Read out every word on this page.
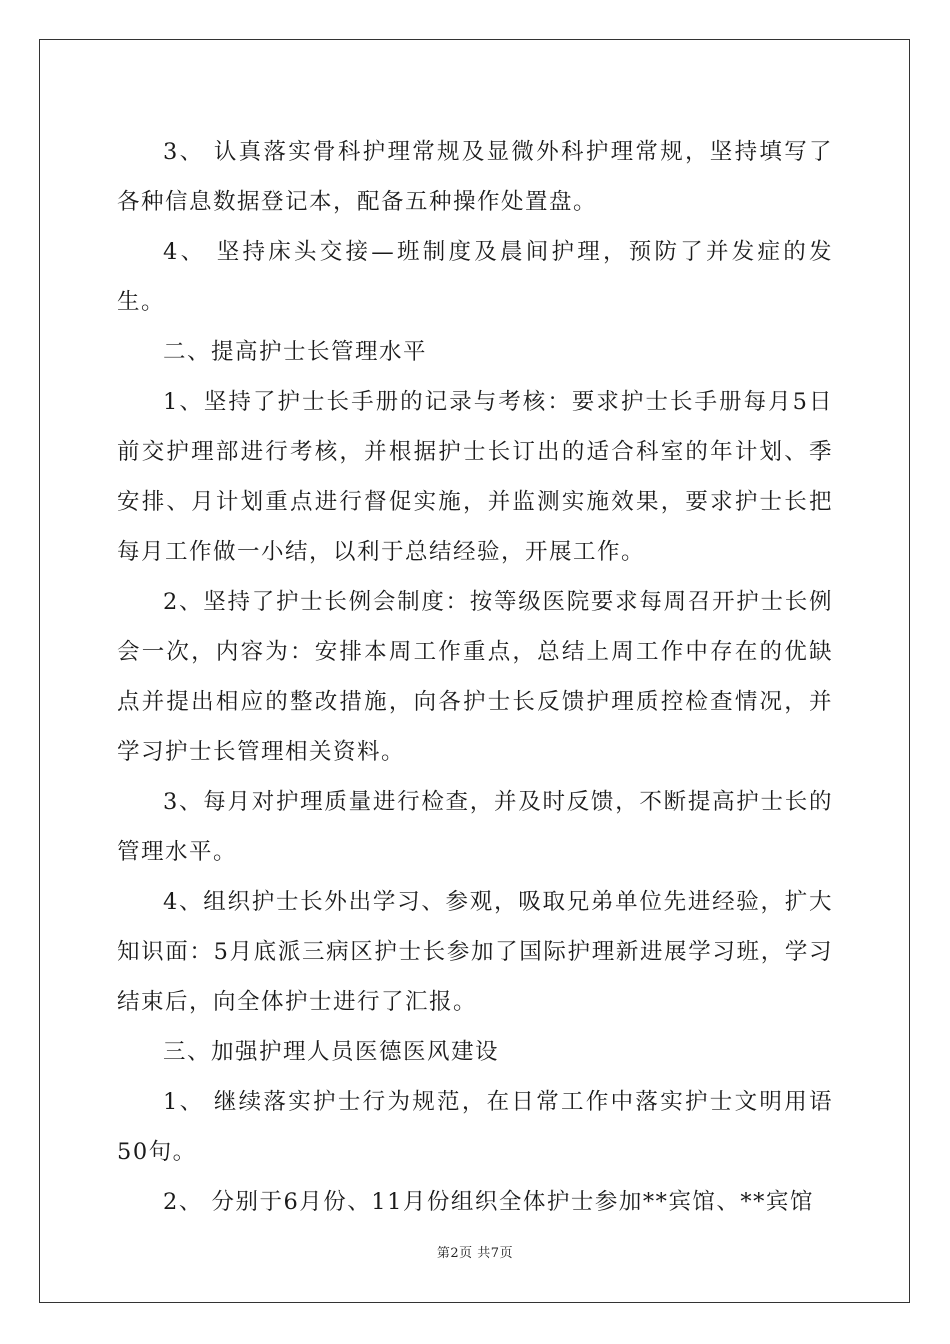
3、 认真落实骨科护理常规及显微外科护理常规，坚持填写了各种信息数据登记本，配备五种操作处置盘。

4、 坚持床头交接—班制度及晨间护理，预防了并发症的发生。

二、提高护士长管理水平

1、坚持了护士长手册的记录与考核：要求护士长手册每月5日前交护理部进行考核，并根据护士长订出的适合科室的年计划、季安排、月计划重点进行督促实施，并监测实施效果，要求护士长把每月工作做一小结，以利于总结经验，开展工作。

2、坚持了护士长例会制度：按等级医院要求每周召开护士长例会一次，内容为：安排本周工作重点，总结上周工作中存在的优缺点并提出相应的整改措施，向各护士长反馈护理质控检查情况，并学习护士长管理相关资料。

3、每月对护理质量进行检查，并及时反馈，不断提高护士长的管理水平。

4、组织护士长外出学习、参观，吸取兄弟单位先进经验，扩大知识面：5月底派三病区护士长参加了国际护理新进展学习班，学习结束后，向全体护士进行了汇报。

三、加强护理人员医德医风建设

1、 继续落实护士行为规范，在日常工作中落实护士文明用语50句。

2、 分别于6月份、11月份组织全体护士参加**宾馆、**宾馆

第2页 共7页
